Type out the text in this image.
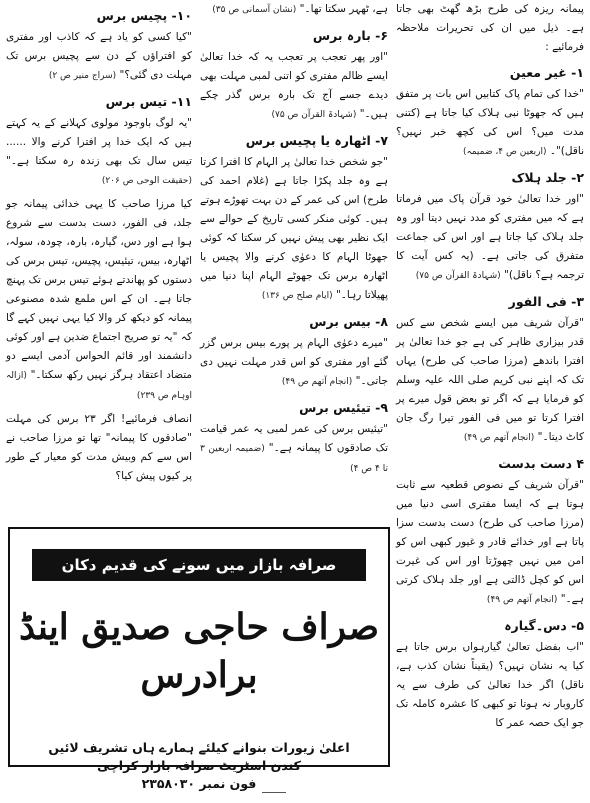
پیمانہ ریزہ کی طرح بڑھ گھٹ بھی جاتا ہے۔ ذیل میں ان کی تحریرات ملاحظہ فرمائیے :

۱- غیر معین

"خدا کی تمام پاک کتابیں اس بات پر متفق ہیں کہ جھوٹا نبی ہلاک کیا جاتا ہے (کتنی مدت میں؟ اس کی کچھ خبر نہیں؟ ناقل)"۔ (اربعین ص ۴، ضمیمہ)

۲- جلد ہلاک

"اور خدا تعالیٰ خود قرآن پاک میں فرماتا ہے کہ میں مفتری کو مدد نہیں دیتا اور وہ جلد ہلاک کیا جاتا ہے اور اس کی جماعت متفرق کی جاتی ہے۔ (یہ کس آیت کا ترجمہ ہے؟ ناقل)" (شہادۃ القرآن ص ۷۵)

۳- فی الفور

"قرآن شریف میں ایسے شخص سے کس قدر بیزاری ظاہر کی ہے جو خدا تعالیٰ پر افترا باندھے (مرزا صاحب کی طرح) یہاں تک کہ اپنے نبی کریم صلی اللہ علیہ وسلم کو فرمایا ہے کہ اگر تو بعض قول میرے پر افترا کرتا تو میں فی الفور تیرا رگ جان کاٹ دیتا۔" (انجام آتھم ص ۴۹)

۴ دست بدست

"قرآن شریف کے نصوص قطعیہ سے ثابت ہوتا ہے کہ ایسا مفتری اسی دنیا میں (مرزا صاحب کی طرح) دست بدست سزا پاتا ہے اور خدائے قادر و غیور کبھی اس کو امن میں نہیں چھوڑتا اور اس کی غیرت اس کو کچل ڈالتی ہے اور جلد ہلاک کرتی ہے۔" (انجام آتھم ص ۴۹)

۵- دس۔گیارہ

"اب بفضل تعالیٰ گیارہواں برس جاتا ہے کیا یہ نشان نہیں؟ (یقیناً نشان کذب ہے، ناقل) اگر خدا تعالیٰ کی طرف سے یہ کاروبار نہ ہوتا تو کبھی کا عشرہ کاملہ تک جو ایک حصہ عمر کا

ہے، ٹھہر سکتا تھا۔" (نشان آسمانی ص ۳۵)

۶- بارہ برس

"اور پھر تعجب پر تعجب یہ کہ خدا تعالیٰ ایسے ظالم مفتری کو اتنی لمبی مہلت بھی دیدے جسے آج تک بارہ برس گذر چکے ہیں۔" (شہادۃ القرآن ص ۷۵)

۷- اٹھارہ یا پچیس برس

"جو شخص خدا تعالیٰ پر الہام کا افترا کرتا ہے وہ جلد پکڑا جاتا ہے (غلام احمد کی طرح) اس کی عمر کے دن بہت تھوڑے ہوتے ہیں۔ کوئی منکر کسی تاریخ کے حوالے سے ایک نظیر بھی پیش نہیں کر سکتا کہ کوئی جھوٹا الہام کا دعوٰی کرنے والا پچیس یا اٹھارہ برس تک جھوٹے الہام اپنا دنیا میں پھیلاتا رہا۔" (ایام صلح ص ۱۳۶)

۸- بیس برس

"میرے دعوٰی الہام پر پورے بیس برس گزر گئے اور مفتری کو اس قدر مہلت نہیں دی جاتی۔" (انجام آتھم ص ۴۹)

۹- تیئیس برس

"تیئیس برس کی عمر لمبی یہ عمر قیامت تک صادقوں کا پیمانہ ہے۔" (ضمیمہ اربعین ۳ تا ۴ ص ۴)

۱۰- پچیس برس

"کیا کسی کو یاد ہے کہ کاذب اور مفتری کو افتراؤں کے دن سے پچیس برس تک مہلت دی گئی؟" (سراج منیر ص ۲)

۱۱- تیس برس

"یہ لوگ باوجود مولوی کہلانے کے یہ کہتے ہیں کہ ایک خدا پر افترا کرنے والا ...... تیس سال تک بھی زندہ رہ سکتا ہے۔" (حقیقت الوحی ص ۲۰۶)

کیا مرزا صاحب کا یہی خدائی پیمانہ جو جلد، فی الفور، دست بدست سے شروع ہوا ہے اور دس، گیارہ، بارہ، چودہ، سولہ، اٹھارہ، بیس، تیئیس، پچیس، تیس برس کی دستوں کو پھاندتے ہوئے تیس برس تک پہنچ جاتا ہے۔ ان کے اس ملمع شدہ مصنوعی پیمانہ کو دیکھ کر والا کیا یہی نہیں کہے گا کہ "یہ تو صریح اجتماع ضدین ہے اور کوئی دانشمند اور قائم الحواس آدمی ایسے دو متضاد اعتقاد ہرگز نہیں رکھ سکتا۔" (ازالہ اوہام ص ۲۳۹)

انصاف فرمائیے! اگر ۲۳ برس کی مہلت "صادقوں کا پیمانہ" تھا تو مرزا صاحب نے اس سے کم وبیش مدت کو معیار کے طور پر کیوں پیش کیا؟

صرافہ بازار میں سونے کی قدیم دکان
صراف حاجی صدیق اینڈ برادرس
اعلیٰ زیورات بنوانے کیلئے ہمارے ہاں تشریف لائیں
کندن اسٹریٹ صرافہ بازار کراچی
فون نمبر ۲۳۵۸۰۳۰
